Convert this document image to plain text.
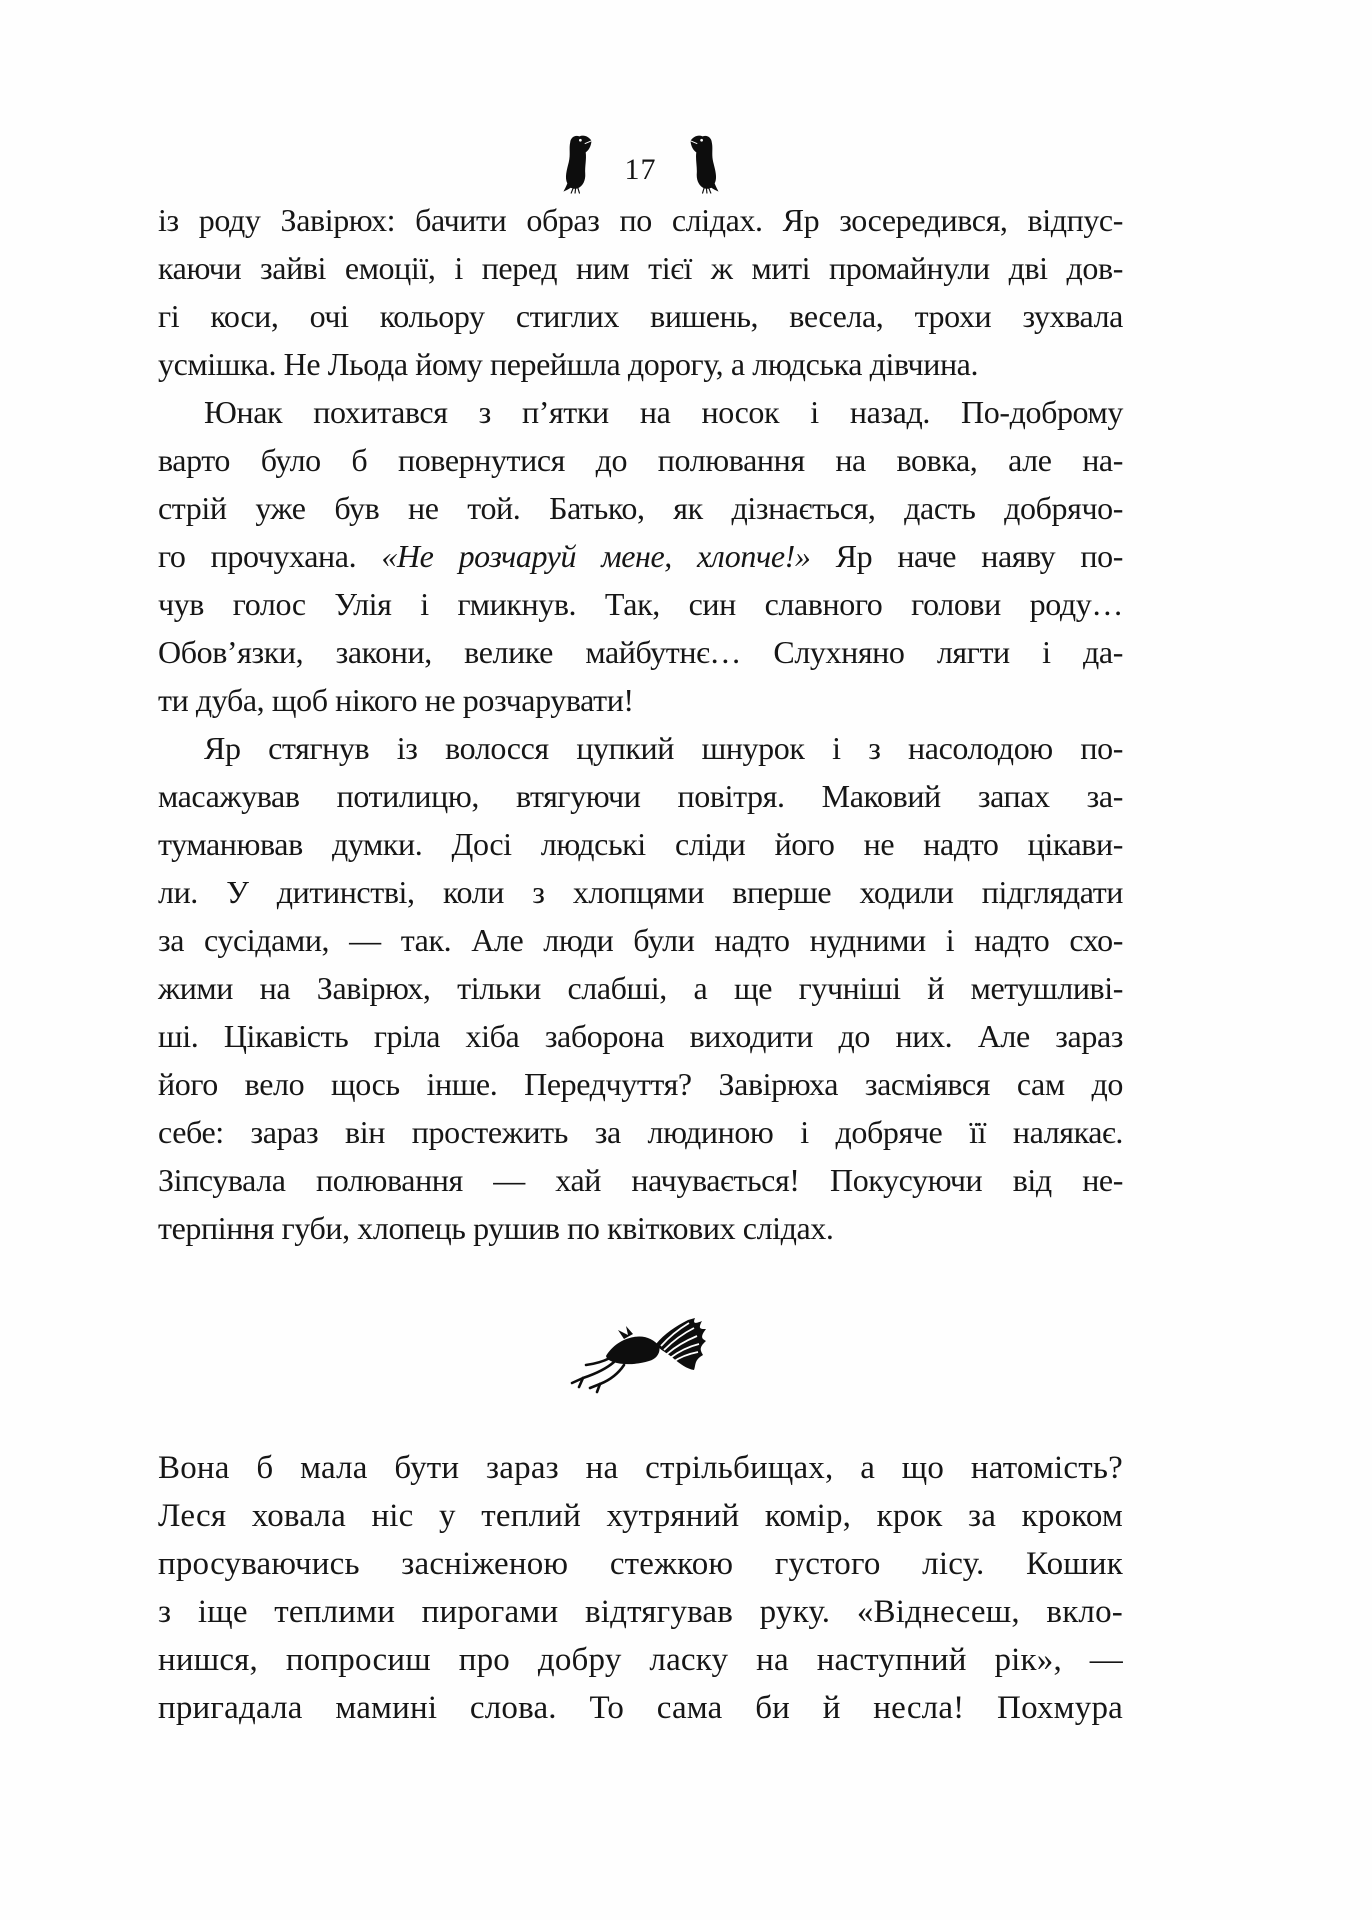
17
із роду Завірюх: бачити образ по слідах. Яр зосередився, відпус-
каючи зайві емоції, і перед ним тієї ж миті промайнули дві дов-
гі коси, очі кольору стиглих вишень, весела, трохи зухвала
усмішка. Не Льода йому перейшла дорогу, а людська дівчина.
Юнак похитався з п’ятки на носок і назад. По-доброму
варто було б повернутися до полювання на вовка, але на-
стрій уже був не той. Батько, як дізнається, дасть добрячо-
го прочухана. «Не розчаруй мене, хлопче!» Яр наче наяву по-
чув голос Улія і гмикнув. Так, син славного голови роду…
Обов’язки, закони, велике майбутнє… Слухняно лягти і да-
ти дуба, щоб нікого не розчарувати!
Яр стягнув із волосся цупкий шнурок і з насолодою по-
масажував потилицю, втягуючи повітря. Маковий запах за-
туманював думки. Досі людські сліди його не надто цікави-
ли. У дитинстві, коли з хлопцями вперше ходили підглядати
за сусідами, — так. Але люди були надто нудними і надто схо-
жими на Завірюх, тільки слабші, а ще гучніші й метушливі-
ші. Цікавість гріла хіба заборона виходити до них. Але зараз
його вело щось інше. Передчуття? Завірюха засміявся сам до
себе: зараз він простежить за людиною і добряче її налякає.
Зіпсувала полювання — хай начувається! Покусуючи від не-
терпіння губи, хлопець рушив по квіткових слідах.
Вона б мала бути зараз на стрільбищах, а що натомість?
Леся ховала ніс у теплий хутряний комір, крок за кроком
просуваючись засніженою стежкою густого лісу. Кошик
з іще теплими пирогами відтягував руку. «Віднесеш, вкло-
нишся, попросиш про добру ласку на наступний рік», —
пригадала мамині слова. То сама би й несла! Похмура
